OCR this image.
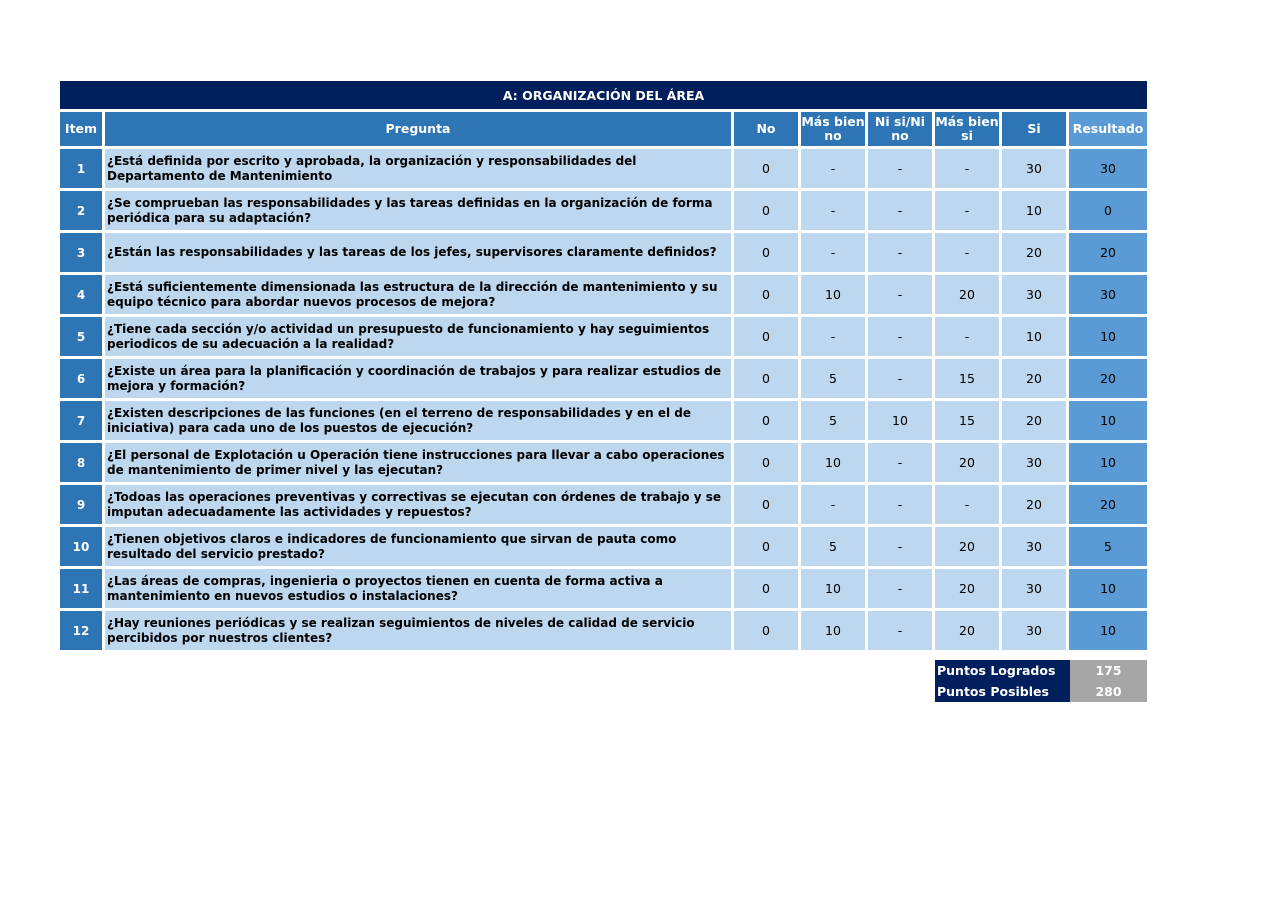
A: ORGANIZACIÓN DEL ÁREA							
Item	Pregunta	No	Más bien no	Ni si/Ni no	Más bien si	Si	Resultado
1	¿Está definida por escrito y aprobada, la organización y responsabilidades del Departamento de Mantenimiento	0	-	-	-	30	30
2	¿Se comprueban las responsabilidades y las tareas definidas en la organización de forma periódica para su adaptación?	0	-	-	-	10	0
3	¿Están las responsabilidades y las tareas de los jefes, supervisores claramente definidos?	0	-	-	-	20	20
4	¿Está suficientemente dimensionada las estructura de la dirección de mantenimiento y su equipo técnico para abordar nuevos procesos de mejora?	0	10	-	20	30	30
5	¿Tiene cada sección y/o actividad un presupuesto de funcionamiento y hay seguimientos periodicos de su adecuación a la realidad?	0	-	-	-	10	10
6	¿Existe un área para la planificación y coordinación de trabajos y para realizar estudios de mejora y formación?	0	5	-	15	20	20
7	¿Existen descripciones de las funciones (en el terreno de responsabilidades y en el de iniciativa) para cada uno de los puestos de ejecución?	0	5	10	15	20	10
8	¿El personal de Explotación u Operación tiene instrucciones para llevar a cabo operaciones de mantenimiento de primer nivel y las ejecutan?	0	10	-	20	30	10
9	¿Todoas las operaciones preventivas y correctivas se ejecutan con órdenes de trabajo y se imputan adecuadamente las actividades y repuestos?	0	-	-	-	20	20
10	¿Tienen objetivos claros e indicadores de funcionamiento que sirvan de pauta como resultado del servicio prestado?	0	5	-	20	30	5
11	¿Las áreas de compras, ingenieria o proyectos tienen en cuenta de forma activa a mantenimiento en nuevos estudios o instalaciones?	0	10	-	20	30	10
12	¿Hay reuniones periódicas y se realizan seguimientos de niveles de calidad de servicio percibidos por nuestros clientes?	0	10	-	20	30	10
Puntos Logrados	175
Puntos Posibles	280
